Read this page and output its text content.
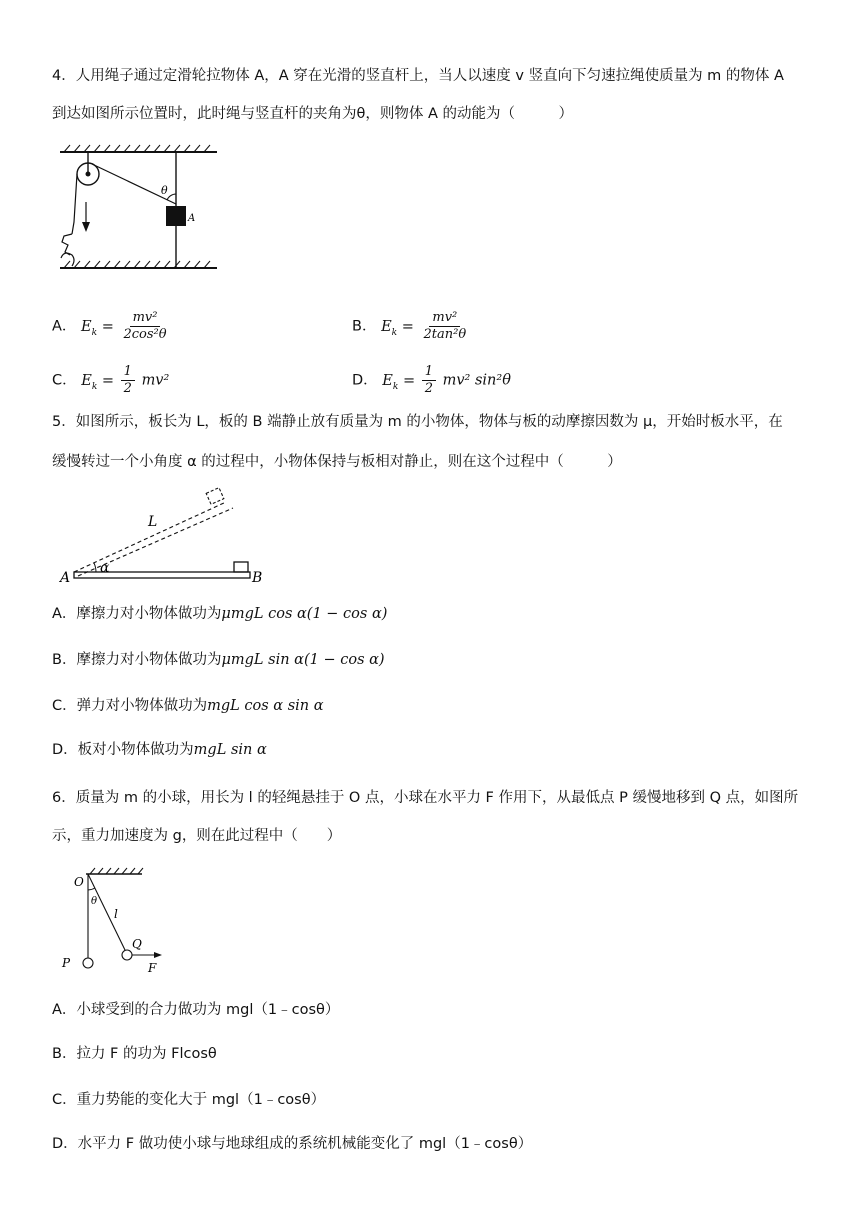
4．人用绳子通过定滑轮拉物体 A，A 穿在光滑的竖直杆上，当人以速度 v 竖直向下匀速拉绳使质量为 m 的物体 A
到达如图所示位置时，此时绳与竖直杆的夹角为θ，则物体 A 的动能为（　　　）
θ
A
A． $E_k = \frac{\text{mv²}}{\text{2cos²θ}}$	B． $E_k = \frac{\text{mv²}}{\text{2tan²θ}}$
C． $E_k = \frac{1}{2} mv^2$	D． $E_k = \frac{1}{2} mv^2$ sin²θ
5．如图所示，板长为 L，板的 B 端静止放有质量为 m 的小物体，物体与板的动摩擦因数为 μ，开始时板水平，在
缓慢转过一个小角度 α 的过程中，小物体保持与板相对静止，则在这个过程中（　　　）
α
L
A	B
A．摩擦力对小物体做功为μmgL cos α(1 − cos α)
B．摩擦力对小物体做功为μmgL sin α(1 − cos α)
C．弹力对小物体做功为mgL cos α sin α
D．板对小物体做功为mgL sin α
6．质量为 m 的小球，用长为 l 的轻绳悬挂于 O 点，小球在水平力 F 作用下，从最低点 P 缓慢地移到 Q 点，如图所
示，重力加速度为 g，则在此过程中（　　）
O
θ
l
Q
P	F
A．小球受到的合力做功为 mgl（1﹣cosθ）
B．拉力 F 的功为 Flcosθ
C．重力势能的变化大于 mgl（1﹣cosθ）
D．水平力 F 做功使小球与地球组成的系统机械能变化了 mgl（1﹣cosθ）
